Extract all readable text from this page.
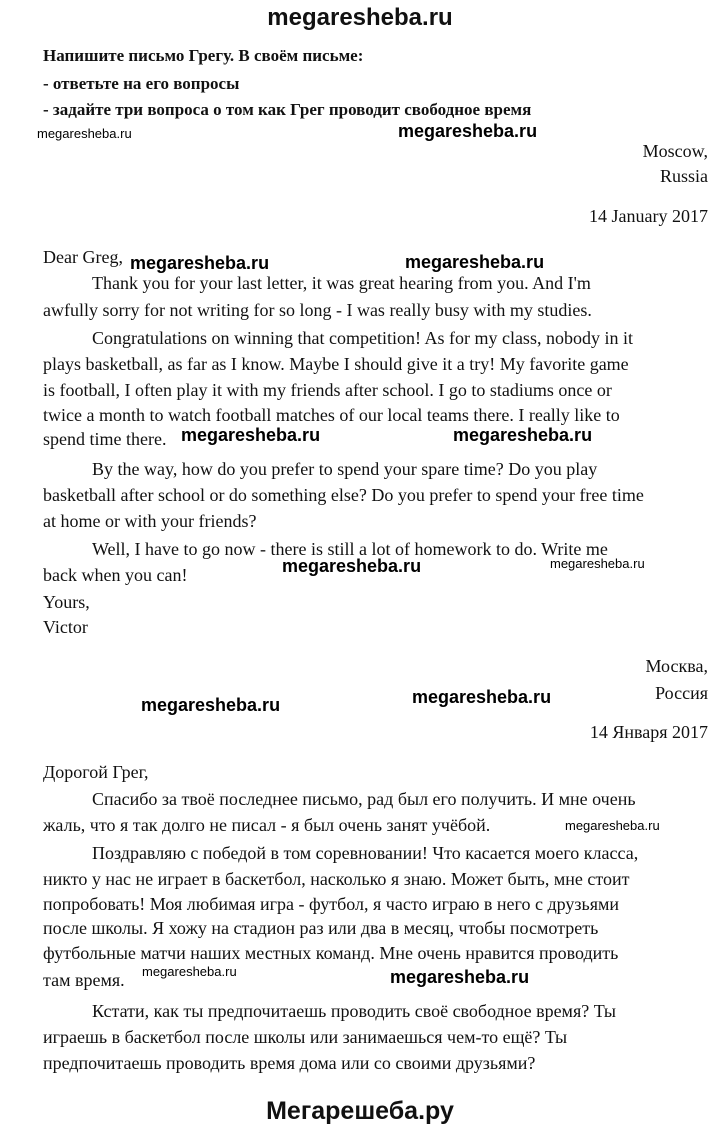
megaresheba.ru
Напишите письмо Грегу. В своём письме:
- ответьте на его вопросы
- задайте три вопроса о том как Грег проводит свободное время
megaresheba.ru	megaresheba.ru
Moscow,
Russia
14 January 2017
Dear Greg, megaresheba.ru	megaresheba.ru
Thank you for your last letter, it was great hearing from you. And I'm
awfully sorry for not writing for so long - I was really busy with my studies.
Congratulations on winning that competition! As for my class, nobody in it
plays basketball, as far as I know. Maybe I should give it a try! My favorite game
is football, I often play it with my friends after school. I go to stadiums once or
twice a month to watch football matches of our local teams there. I really like to
spend time there. megaresheba.ru	megaresheba.ru
By the way, how do you prefer to spend your spare time? Do you play
basketball after school or do something else? Do you prefer to spend your free time
at home or with your friends?
Well, I have to go now - there is still a lot of homework to do. Write me
back when you can!	megaresheba.ru	megaresheba.ru
Yours,
Victor
Москва,
Россия
megaresheba.ru	megaresheba.ru
14 Января 2017
Дорогой Грег,
Спасибо за твоё последнее письмо, рад был его получить. И мне очень
жаль, что я так долго не писал - я был очень занят учёбой.	megaresheba.ru
Поздравляю с победой в том соревновании! Что касается моего класса,
никто у нас не играет в баскетбол, насколько я знаю. Может быть, мне стоит
попробовать! Моя любимая игра - футбол, я часто играю в него с друзьями
после школы. Я хожу на стадион раз или два в месяц, чтобы посмотреть
футбольные матчи наших местных команд. Мне очень нравится проводить
там время. megaresheba.ru	megaresheba.ru
Кстати, как ты предпочитаешь проводить своё свободное время? Ты
играешь в баскетбол после школы или занимаешься чем-то ещё? Ты
предпочитаешь проводить время дома или со своими друзьями?
Мегарешеба.ру
